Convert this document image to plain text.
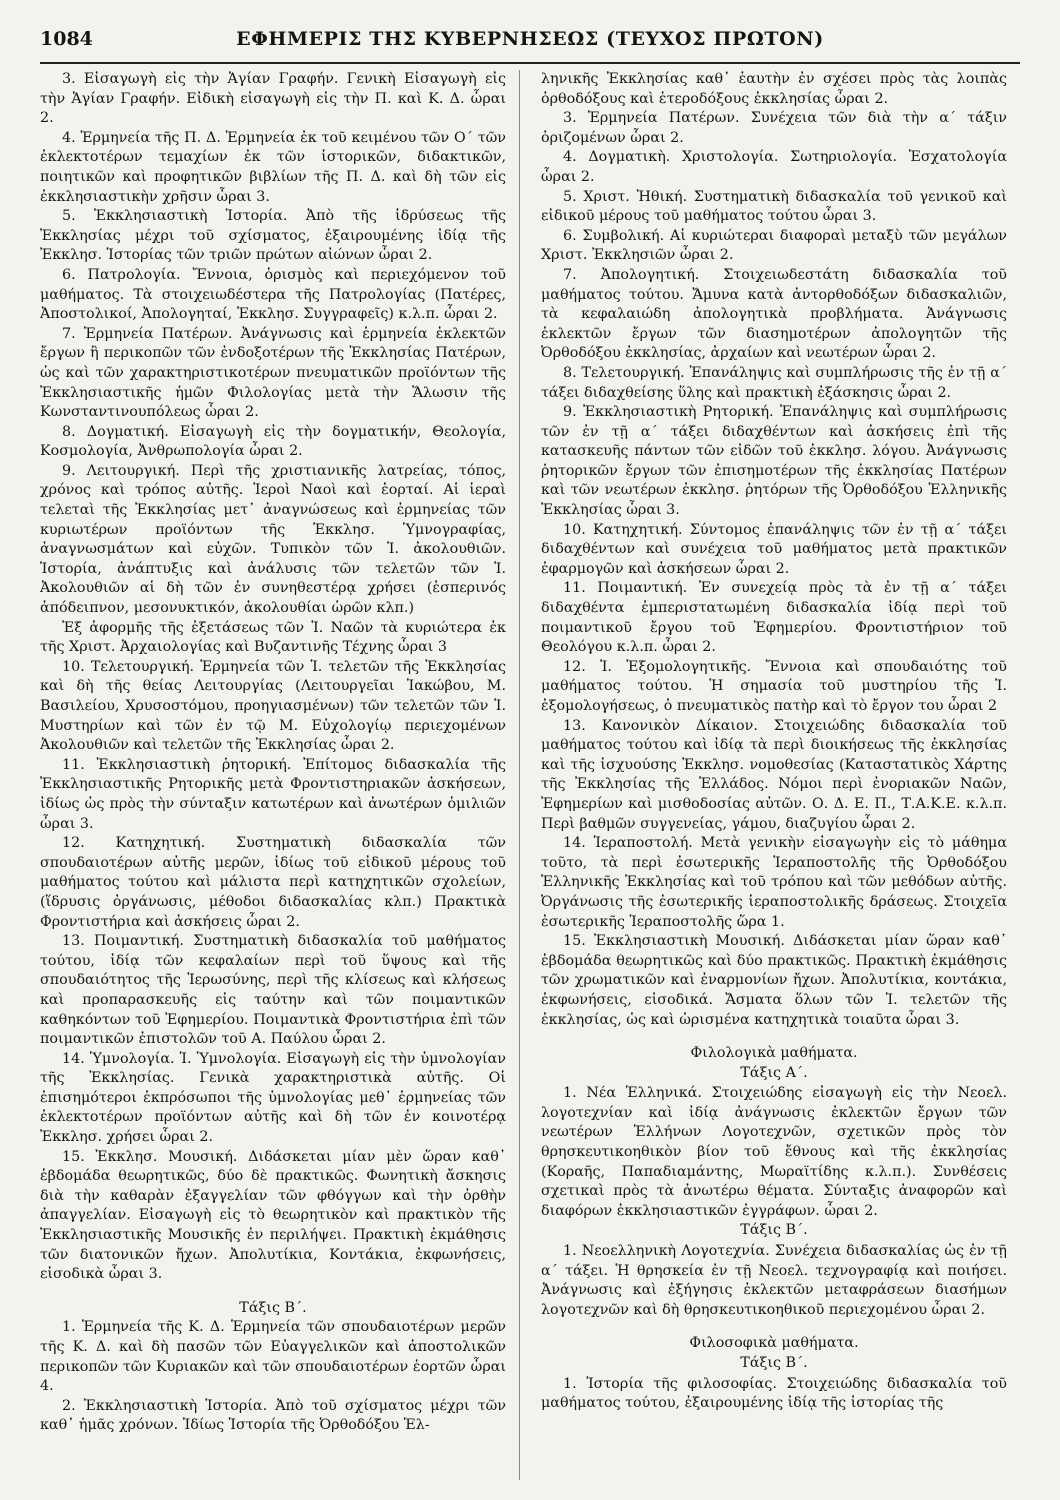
1084	ΕΦΗΜΕΡΙΣ ΤΗΣ ΚΥΒΕΡΝΗΣΕΩΣ (ΤΕΥΧΟΣ ΠΡΩΤΟΝ)

3. Εἰσαγωγὴ εἰς τὴν Ἁγίαν Γραφήν. Γενικὴ Εἰσαγωγὴ εἰς τὴν Ἁγίαν Γραφήν. Εἰδικὴ εἰσαγωγὴ εἰς τὴν Π. καὶ Κ. Δ. ὧραι 2.

4. Ἑρμηνεία τῆς Π. Δ. Ἑρμηνεία ἐκ τοῦ κειμένου τῶν Ο΄ τῶν ἐκλεκτοτέρων τεμαχίων ἐκ τῶν ἱστορικῶν, διδακτικῶν, ποιητικῶν καὶ προφητικῶν βιβλίων τῆς Π. Δ. καὶ δὴ τῶν εἰς ἐκκλησιαστικὴν χρῆσιν ὧραι 3.

5. Ἐκκλησιαστικὴ Ἱστορία. Ἀπὸ τῆς ἱδρύσεως τῆς Ἐκκλησίας μέχρι τοῦ σχίσματος, ἐξαιρουμένης ἰδίᾳ τῆς Ἐκκλησ. Ἱστορίας τῶν τριῶν πρώτων αἰώνων ὧραι 2.

6. Πατρολογία. Ἔννοια, ὁρισμὸς καὶ περιεχόμενον τοῦ μαθήματος. Τὰ στοιχειωδέστερα τῆς Πατρολογίας (Πατέρες, Ἀποστολικοί, Ἀπολογηταί, Ἐκκλησ. Συγγραφεῖς) κ.λ.π. ὧραι 2.

7. Ἑρμηνεία Πατέρων. Ἀνάγνωσις καὶ ἑρμηνεία ἐκλεκτῶν ἔργων ἢ περικοπῶν τῶν ἐνδοξοτέρων τῆς Ἐκκλησίας Πατέρων, ὡς καὶ τῶν χαρακτηριστικοτέρων πνευματικῶν προϊόντων τῆς Ἐκκλησιαστικῆς ἡμῶν Φιλολογίας μετὰ τὴν Ἅλωσιν τῆς Κωνσταντινουπόλεως ὧραι 2.

8. Δογματική. Εἰσαγωγὴ εἰς τὴν δογματικήν, Θεολογία, Κοσμολογία, Ἀνθρωπολογία ὧραι 2.

9. Λειτουργική. Περὶ τῆς χριστιανικῆς λατρείας, τόπος, χρόνος καὶ τρόπος αὐτῆς. Ἱεροὶ Ναοὶ καὶ ἑορταί. Αἱ ἱεραὶ τελεταὶ τῆς Ἐκκλησίας μετ᾽ ἀναγνώσεως καὶ ἑρμηνείας τῶν κυριωτέρων προϊόντων τῆς Ἐκκλησ. Ὑμνογραφίας, ἀναγνωσμάτων καὶ εὐχῶν. Τυπικὸν τῶν Ἱ. ἀκολουθιῶν. Ἱστορία, ἀνάπτυξις καὶ ἀνάλυσις τῶν τελετῶν τῶν Ἱ. Ἀκολουθιῶν αἱ δὴ τῶν ἐν συνηθεστέρᾳ χρήσει (ἑσπερινός ἀπόδειπνον, μεσονυκτικόν, ἀκολουθίαι ὡρῶν κλπ.)

Ἐξ ἀφορμῆς τῆς ἐξετάσεως τῶν Ἱ. Ναῶν τὰ κυριώτερα ἐκ τῆς Χριστ. Ἀρχαιολογίας καὶ Βυζαντινῆς Τέχνης ὧραι 3

10. Τελετουργική. Ἑρμηνεία τῶν Ἱ. τελετῶν τῆς Ἐκκλησίας καὶ δὴ τῆς θείας Λειτουργίας (Λειτουργεῖαι Ἰακώβου, Μ. Βασιλείου, Χρυσοστόμου, προηγιασμένων) τῶν τελετῶν τῶν Ἱ. Μυστηρίων καὶ τῶν ἐν τῷ Μ. Εὐχολογίῳ περιεχομένων Ἀκολουθιῶν καὶ τελετῶν τῆς Ἐκκλησίας ὧραι 2.

11. Ἐκκλησιαστικὴ ῥητορική. Ἐπίτομος διδασκαλία τῆς Ἐκκλησιαστικῆς Ρητορικῆς μετὰ Φροντιστηριακῶν ἀσκήσεων, ἰδίως ὡς πρὸς τὴν σύνταξιν κατωτέρων καὶ ἀνωτέρων ὁμιλιῶν ὧραι 3.

12. Κατηχητική. Συστηματικὴ διδασκαλία τῶν σπουδαιοτέρων αὐτῆς μερῶν, ἰδίως τοῦ εἰδικοῦ μέρους τοῦ μαθήματος τούτου καὶ μάλιστα περὶ κατηχητικῶν σχολείων, (ἵδρυσις ὀργάνωσις, μέθοδοι διδασκαλίας κλπ.) Πρακτικὰ Φροντιστήρια καὶ ἀσκήσεις ὧραι 2.

13. Ποιμαντική. Συστηματικὴ διδασκαλία τοῦ μαθήματος τούτου, ἰδίᾳ τῶν κεφαλαίων περὶ τοῦ ὕψους καὶ τῆς σπουδαιότητος τῆς Ἱερωσύνης, περὶ τῆς κλίσεως καὶ κλήσεως καὶ προπαρασκευῆς εἰς ταύτην καὶ τῶν ποιμαντικῶν καθηκόντων τοῦ Ἐφημερίου. Ποιμαντικὰ Φροντιστήρια ἐπὶ τῶν ποιμαντικῶν ἐπιστολῶν τοῦ Α. Παύλου ὧραι 2.

14. Ὑμνολογία. Ἱ. Ὑμνολογία. Εἰσαγωγὴ εἰς τὴν ὑμνολογίαν τῆς Ἐκκλησίας. Γενικὰ χαρακτηριστικὰ αὐτῆς. Οἱ ἐπισημότεροι ἐκπρόσωποι τῆς ὑμνολογίας μεθ᾽ ἑρμηνείας τῶν ἐκλεκτοτέρων προϊόντων αὐτῆς καὶ δὴ τῶν ἐν κοινοτέρᾳ Ἐκκλησ. χρήσει ὧραι 2.

15. Ἐκκλησ. Μουσική. Διδάσκεται μίαν μὲν ὥραν καθ᾽ ἑβδομάδα θεωρητικῶς, δύο δὲ πρακτικῶς. Φωνητικὴ ἄσκησις διὰ τὴν καθαρὰν ἐξαγγελίαν τῶν φθόγγων καὶ τὴν ὀρθὴν ἀπαγγελίαν. Εἰσαγωγὴ εἰς τὸ θεωρητικὸν καὶ πρακτικὸν τῆς Ἐκκλησιαστικῆς Μουσικῆς ἐν περιλήψει. Πρακτικὴ ἐκμάθησις τῶν διατονικῶν ἤχων. Ἀπολυτίκια, Κοντάκια, ἐκφωνήσεις, εἱσοδικὰ ὧραι 3.

Τάξις Β΄.

1. Ἑρμηνεία τῆς Κ. Δ. Ἑρμηνεία τῶν σπουδαιοτέρων μερῶν τῆς Κ. Δ. καὶ δὴ πασῶν τῶν Εὐαγγελικῶν καὶ ἀποστολικῶν περικοπῶν τῶν Κυριακῶν καὶ τῶν σπουδαιοτέρων ἑορτῶν ὧραι 4.

2. Ἐκκλησιαστικὴ Ἱστορία. Ἀπὸ τοῦ σχίσματος μέχρι τῶν καθ᾽ ἡμᾶς χρόνων. Ἰδίως Ἱστορία τῆς Ὀρθοδόξου Ἑλ-

ληνικῆς Ἐκκλησίας καθ᾽ ἑαυτὴν ἐν σχέσει πρὸς τὰς λοιπὰς ὀρθοδόξους καὶ ἑτεροδόξους ἐκκλησίας ὧραι 2.

3. Ἑρμηνεία Πατέρων. Συνέχεια τῶν διὰ τὴν α΄ τάξιν ὁριζομένων ὧραι 2.

4. Δογματικὴ. Χριστολογία. Σωτηριολογία. Ἐσχατολογία ὧραι 2.

5. Χριστ. Ἠθική. Συστηματικὴ διδασκαλία τοῦ γενικοῦ καὶ εἰδικοῦ μέρους τοῦ μαθήματος τούτου ὧραι 3.

6. Συμβολική. Αἱ κυριώτεραι διαφοραὶ μεταξὺ τῶν μεγάλων Χριστ. Ἐκκλησιῶν ὧραι 2.

7. Ἀπολογητική. Στοιχειωδεστάτη διδασκαλία τοῦ μαθήματος τούτου. Ἄμυνα κατὰ ἀντορθοδόξων διδασκαλιῶν, τὰ κεφαλαιώδη ἀπολογητικὰ προβλήματα. Ἀνάγνωσις ἐκλεκτῶν ἔργων τῶν διασημοτέρων ἀπολογητῶν τῆς Ὀρθοδόξου ἐκκλησίας, ἀρχαίων καὶ νεωτέρων ὧραι 2.

8. Τελετουργική. Ἐπανάληψις καὶ συμπλήρωσις τῆς ἐν τῇ α΄ τάξει διδαχθείσης ὕλης καὶ πρακτικὴ ἐξάσκησις ὧραι 2.

9. Ἐκκλησιαστικὴ Ρητορική. Ἐπανάληψις καὶ συμπλήρωσις τῶν ἐν τῇ α΄ τάξει διδαχθέντων καὶ ἀσκήσεις ἐπὶ τῆς κατασκευῆς πάντων τῶν εἰδῶν τοῦ ἐκκλησ. λόγου. Ἀνάγνωσις ῥητορικῶν ἔργων τῶν ἐπισημοτέρων τῆς ἐκκλησίας Πατέρων καὶ τῶν νεωτέρων ἐκκλησ. ῥητόρων τῆς Ὀρθοδόξου Ἑλληνικῆς Ἐκκλησίας ὧραι 3.

10. Κατηχητική. Σύντομος ἐπανάληψις τῶν ἐν τῇ α΄ τάξει διδαχθέντων καὶ συνέχεια τοῦ μαθήματος μετὰ πρακτικῶν ἐφαρμογῶν καὶ ἀσκήσεων ὧραι 2.

11. Ποιμαντική. Ἐν συνεχείᾳ πρὸς τὰ ἐν τῇ α΄ τάξει διδαχθέντα ἐμπεριστατωμένη διδασκαλία ἰδίᾳ περὶ τοῦ ποιμαντικοῦ ἔργου τοῦ Ἐφημερίου. Φροντιστήριον τοῦ Θεολόγου κ.λ.π. ὧραι 2.

12. Ἱ. Ἐξομολογητικῆς. Ἔννοια καὶ σπουδαιότης τοῦ μαθήματος τούτου. Ἡ σημασία τοῦ μυστηρίου τῆς Ἱ. ἐξομολογήσεως, ὁ πνευματικὸς πατὴρ καὶ τὸ ἔργον του ὧραι 2

13. Κανονικὸν Δίκαιον. Στοιχειώδης διδασκαλία τοῦ μαθήματος τούτου καὶ ἰδίᾳ τὰ περὶ διοικήσεως τῆς ἐκκλησίας καὶ τῆς ἰσχυούσης Ἐκκλησ. νομοθεσίας (Καταστατικὸς Χάρτης τῆς Ἐκκλησίας τῆς Ἑλλάδος. Νόμοι περὶ ἐνοριακῶν Ναῶν, Ἐφημερίων καὶ μισθοδοσίας αὐτῶν. Ο. Δ. Ε. Π., Τ.Α.Κ.Ε. κ.λ.π. Περὶ βαθμῶν συγγενείας, γάμου, διαζυγίου ὧραι 2.

14. Ἱεραποστολή. Μετὰ γενικὴν εἰσαγωγὴν εἰς τὸ μάθημα τοῦτο, τὰ περὶ ἐσωτερικῆς Ἱεραποστολῆς τῆς Ὀρθοδόξου Ἑλληνικῆς Ἐκκλησίας καὶ τοῦ τρόπου καὶ τῶν μεθόδων αὐτῆς. Ὀργάνωσις τῆς ἐσωτερικῆς ἱεραποστολικῆς δράσεως. Στοιχεῖα ἐσωτερικῆς Ἱεραποστολῆς ὥρα 1.

15. Ἐκκλησιαστικὴ Μουσική. Διδάσκεται μίαν ὥραν καθ᾽ ἑβδομάδα θεωρητικῶς καὶ δύο πρακτικῶς. Πρακτικὴ ἐκμάθησις τῶν χρωματικῶν καὶ ἐναρμονίων ἤχων. Ἀπολυτίκια, κοντάκια, ἐκφωνήσεις, εἱσοδικά. Ἄσματα ὅλων τῶν Ἱ. τελετῶν τῆς ἐκκλησίας, ὡς καὶ ὡρισμένα κατηχητικὰ τοιαῦτα ὧραι 3.

Φιλολογικὰ μαθήματα.
Τάξις Α΄.

1. Νέα Ἑλληνικά. Στοιχειώδης εἰσαγωγὴ εἰς τὴν Νεοελ. λογοτεχνίαν καὶ ἰδίᾳ ἀνάγνωσις ἐκλεκτῶν ἔργων τῶν νεωτέρων Ἑλλήνων Λογοτεχνῶν, σχετικῶν πρὸς τὸν θρησκευτικοηθικὸν βίον τοῦ ἔθνους καὶ τῆς ἐκκλησίας (Κοραῆς, Παπαδιαμάντης, Μωραϊτίδης κ.λ.π.). Συνθέσεις σχετικαὶ πρὸς τὰ ἀνωτέρω θέματα. Σύνταξις ἀναφορῶν καὶ διαφόρων ἐκκλησιαστικῶν ἐγγράφων. ὧραι 2.

Τάξις Β΄.

1. Νεοελληνικὴ Λογοτεχνία. Συνέχεια διδασκαλίας ὡς ἐν τῇ α΄ τάξει. Ἡ θρησκεία ἐν τῇ Νεοελ. τεχνογραφίᾳ καὶ ποιήσει. Ἀνάγνωσις καὶ ἐξήγησις ἐκλεκτῶν μεταφράσεων διασήμων λογοτεχνῶν καὶ δὴ θρησκευτικοηθικοῦ περιεχομένου ὧραι 2.

Φιλοσοφικὰ μαθήματα.
Τάξις Β΄.

1. Ἱστορία τῆς φιλοσοφίας. Στοιχειώδης διδασκαλία τοῦ μαθήματος τούτου, ἐξαιρουμένης ἰδίᾳ τῆς ἱστορίας τῆς
